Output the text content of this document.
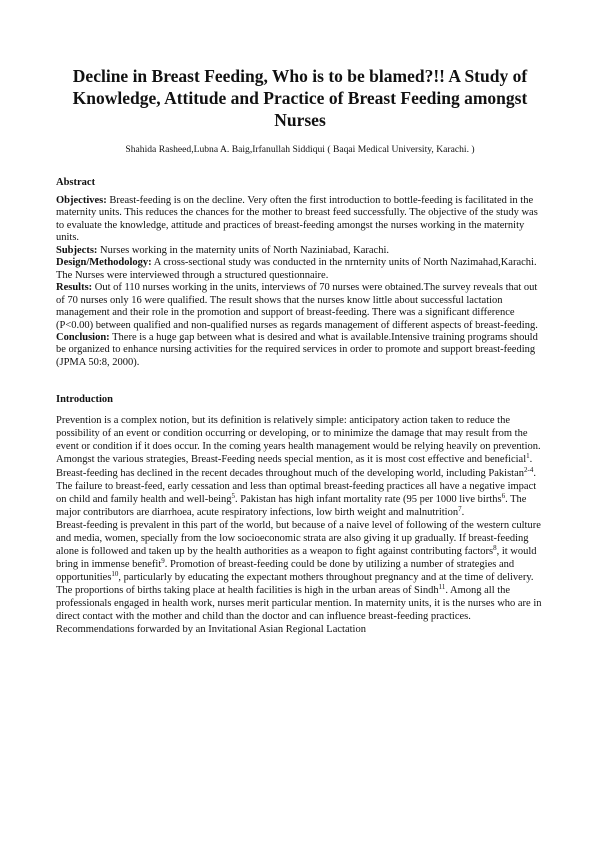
Decline in Breast Feeding, Who is to be blamed?!! A Study of Knowledge, Attitude and Practice of Breast Feeding amongst Nurses
Shahida Rasheed,Lubna A. Baig,Irfanullah Siddiqui ( Baqai Medical University, Karachi. )
Abstract

Objectives: Breast-feeding is on the decline. Very often the first introduction to bottle-feeding is facilitated in the maternity units. This reduces the chances for the mother to breast feed successfully. The objective of the study was to evaluate the knowledge, attitude and practices of breast-feeding amongst the nurses working in the maternity units.

Subjects: Nurses working in the maternity units of North Naziniabad, Karachi.

Design/Methodology: A cross-sectional study was conducted in the nrnternity units of North Nazimahad,Karachi. The Nurses were interviewed through a structured questionnaire.

Results: Out of 110 nurses working in the units, interviews of 70 nurses were obtained.The survey reveals that out of 70 nurses only 16 were qualified. The result shows that the nurses know little about successful lactation management and their role in the promotion and support of breast-feeding. There was a significant difference (P<0.00) between qualified and non-qualified nurses as regards management of different aspects of breast-feeding.

Conclusion: There is a huge gap between what is desired and what is available.Intensive training programs should be organized to enhance nursing activities for the required services in order to promote and support breast-feeding (JPMA 50:8, 2000).

Introduction

Prevention is a complex notion, but its definition is relatively simple: anticipatory action taken to reduce the possibility of an event or condition occurring or developing, or to minimize the damage that may result from the event or condition if it does occur. In the coming years health management would be relying heavily on prevention. Amongst the various strategies, Breast-Feeding needs special mention, as it is most cost effective and beneficial$^1$.

Breast-feeding has declined in the recent decades throughout much of the developing world, including Pakistan$^{2-4}$. The failure to breast-feed, early cessation and less than optimal breast-feeding practices all have a negative impact on child and family health and well-being$^5$. Pakistan has high infant mortality rate (95 per 1000 live births$^6$. The major contributors are diarrhoea, acute respiratory infections, low birth weight and malnutrition$^7$.

Breast-feeding is prevalent in this part of the world, but because of a naive level of following of the western culture and media, women, specially from the low socioeconomic strata are also giving it up gradually. If breast-feeding alone is followed and taken up by the health authorities as a weapon to fight against contributing factors$^8$, it would bring in immense benefit$^9$. Promotion of breast-feeding could be done by utilizing a number of strategies and opportunities$^{10}$, particularly by educating the expectant mothers throughout pregnancy and at the time of delivery.

The proportions of births taking place at health facilities is high in the urban areas of Sindh$^{11}$. Among all the professionals engaged in health work, nurses merit particular mention. In maternity units, it is the nurses who are in direct contact with the mother and child than the doctor and can influence breast-feeding practices. Recommendations forwarded by an Invitational Asian Regional Lactation
